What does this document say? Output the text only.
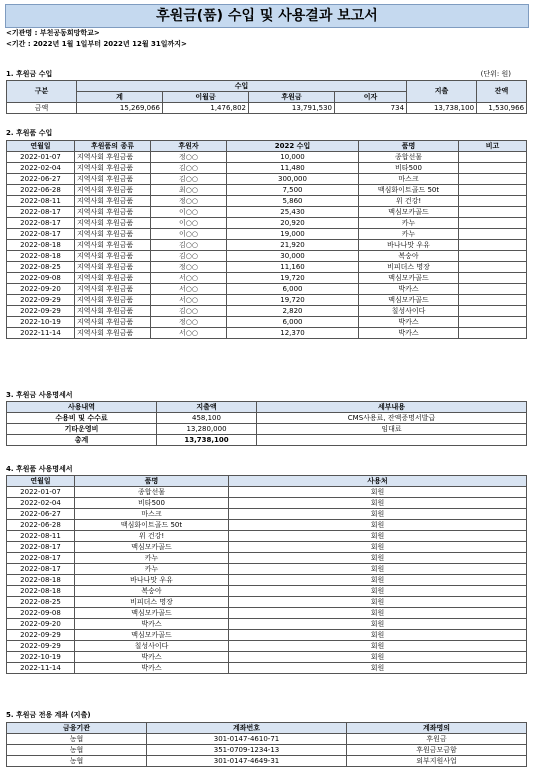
후원금(품) 수입 및 사용결과 보고서
<기관명 : 부천공동희망학교>
<기간 : 2022년 1월 1일부터 2022년 12월 31일까지>
1. 후원금 수입	(단위: 원)
구분	수입				지출	잔액
	계	이월금	후원금	이자		
금액	15,269,066	1,476,802	13,791,530	734	13,738,100	1,530,966
2. 후원품 수입
연월일	후원품의 종류	후원자	2022 수입	품명	비고
2022-01-07	지역사회 후원금품	정○○	10,000	종합선물	
2022-02-04	지역사회 후원금품	김○○	11,480	비타500	
2022-06-27	지역사회 후원금품	김○○	300,000	마스크	
2022-06-28	지역사회 후원금품	최○○	7,500	맥심화이트골드 50t	
2022-08-11	지역사회 후원금품	정○○	5,860	위 건강!	
2022-08-17	지역사회 후원금품	이○○	25,430	맥심모카골드	
2022-08-17	지역사회 후원금품	이○○	20,920	카누	
2022-08-17	지역사회 후원금품	이○○	19,000	카누	
2022-08-18	지역사회 후원금품	김○○	21,920	바나나맛 우유	
2022-08-18	지역사회 후원금품	김○○	30,000	복숭아	
2022-08-25	지역사회 후원금품	정○○	11,160	비피더스 명장	
2022-09-08	지역사회 후원금품	서○○	19,720	맥심모카골드	
2022-09-20	지역사회 후원금품	서○○	6,000	박카스	
2022-09-29	지역사회 후원금품	서○○	19,720	맥심모카골드	
2022-09-29	지역사회 후원금품	김○○	2,820	칠성사이다	
2022-10-19	지역사회 후원금품	정○○	6,000	박카스	
2022-11-14	지역사회 후원금품	서○○	12,370	박카스	
3. 후원금 사용명세서
사용내역	지출액	세부내용
수용비 및 수수료	458,100	CMS사용료, 잔액증명서발급
기타운영비	13,280,000	임대료
총계	13,738,100	
4. 후원품 사용명세서
연월일	품명	사용처
2022-01-07	종합선물	회원
2022-02-04	비타500	회원
2022-06-27	마스크	회원
2022-06-28	맥심화이트골드 50t	회원
2022-08-11	위 건강!	회원
2022-08-17	맥심모카골드	회원
2022-08-17	카누	회원
2022-08-17	카누	회원
2022-08-18	바나나맛 우유	회원
2022-08-18	복숭아	회원
2022-08-25	비피더스 명장	회원
2022-09-08	맥심모카골드	회원
2022-09-20	박카스	회원
2022-09-29	맥심모카골드	회원
2022-09-29	칠성사이다	회원
2022-10-19	박카스	회원
2022-11-14	박카스	회원
5. 후원금 전용 계좌 (지출)
금융기관	계좌번호	계좌명의
농협	301-0147-4610-71	후원금
농협	351-0709-1234-13	후원금모금함
농협	301-0147-4649-31	외부지원사업
